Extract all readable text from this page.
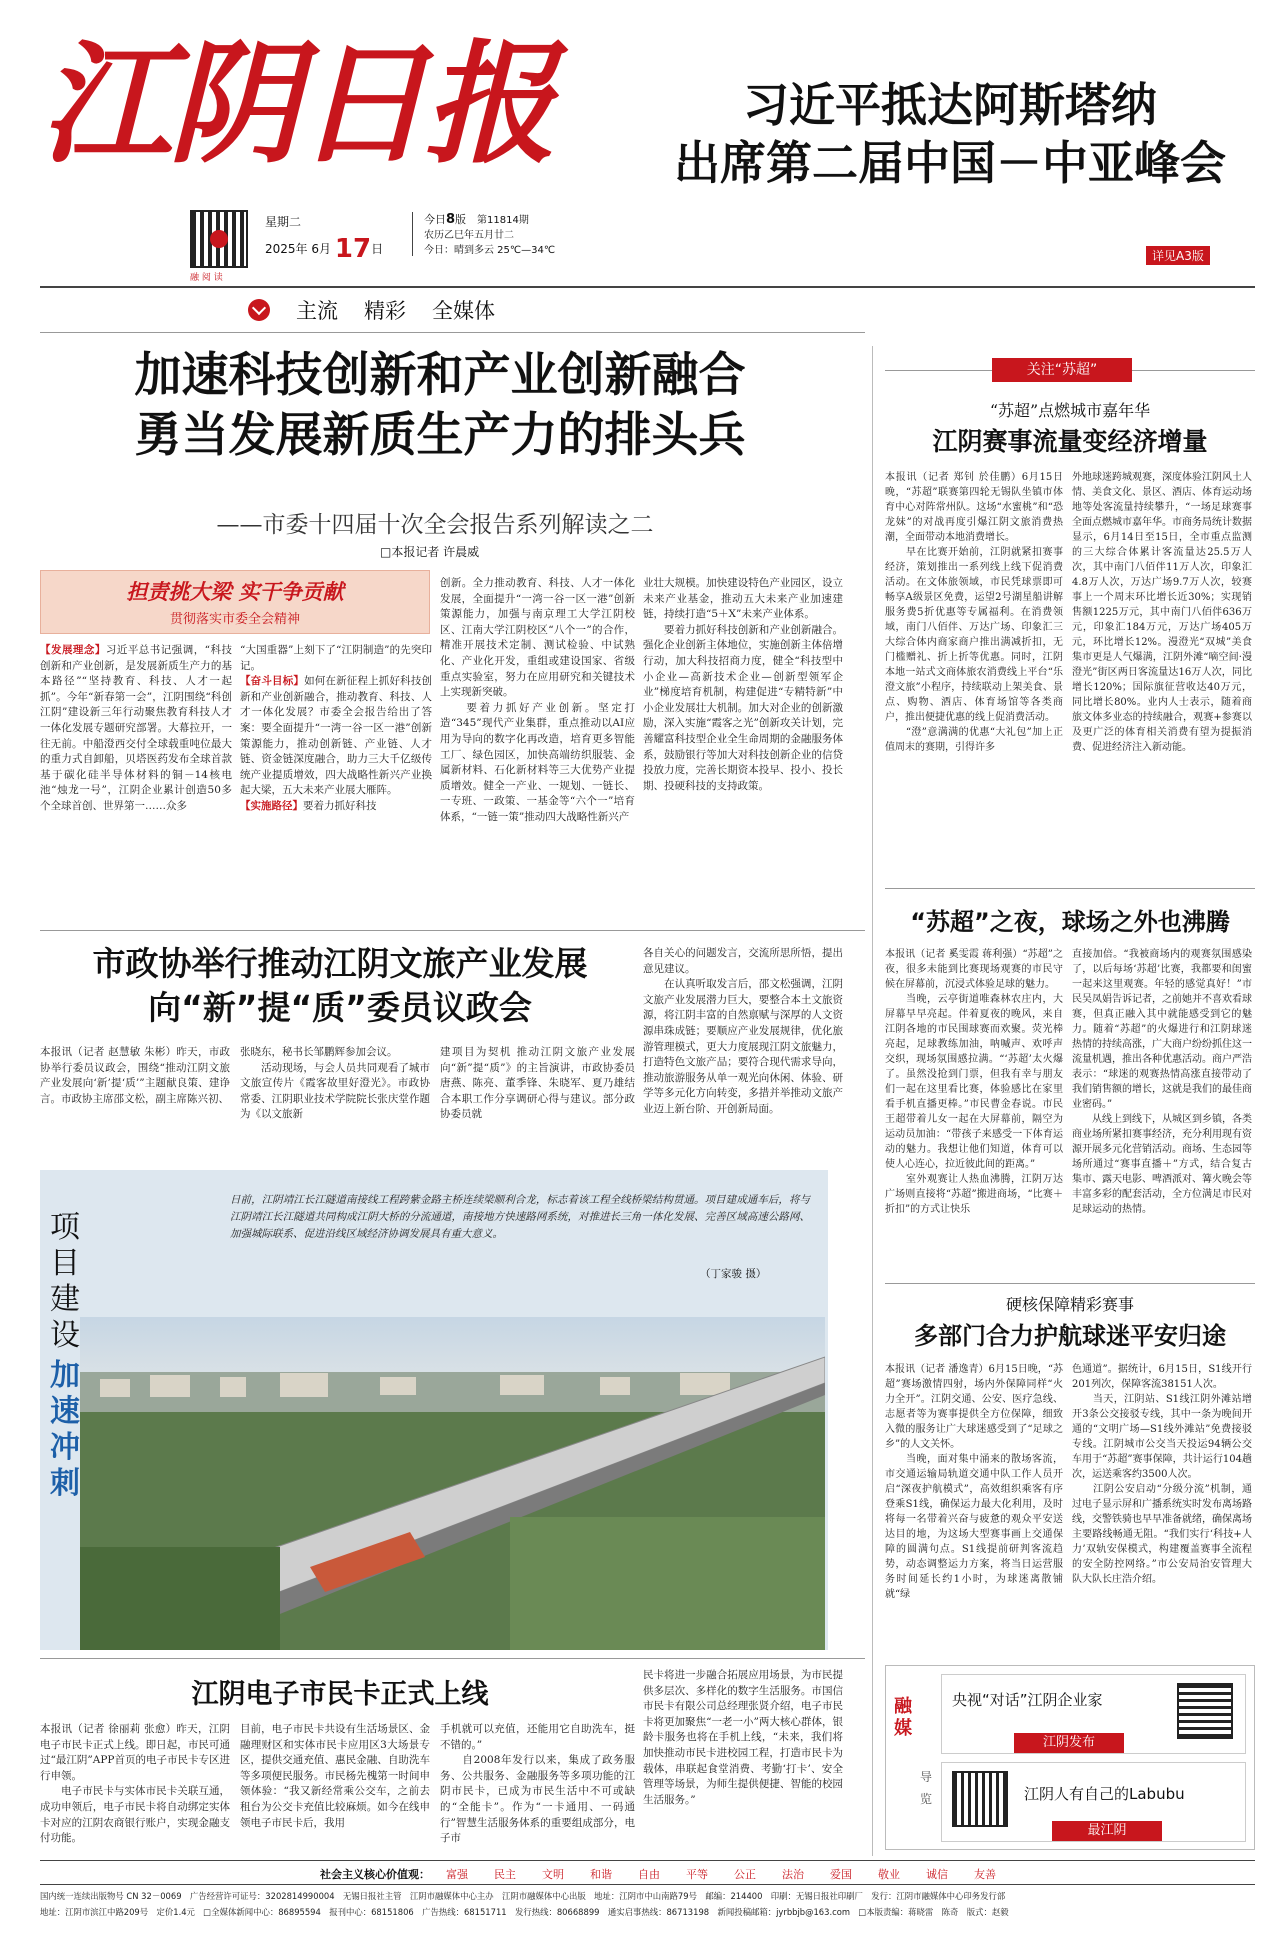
江阴日报	习近平抵达阿斯塔纳
出席第二届中国－中亚峰会
详见A3版
融 阅 读
星期二
2025年 6月 17日
今日8版　 第11814期
农历乙巳年五月廿二
今日：晴到多云 25℃—34℃
主流 精彩 全媒体
加速科技创新和产业创新融合
勇当发展新质生产力的排头兵
——市委十四届十次全会报告系列解读之二
□本报记者 许晨威
担责挑大梁 实干争贡献
贯彻落实市委全会精神
【发展理念】习近平总书记强调，“科技创新和产业创新，是发展新质生产力的基本路径”“坚持教育、科技、人才一起抓”。今年“新春第一会”，江阴围绕“科创江阴”建设新三年行动聚焦教育科技人才一体化发展专题研究部署。大幕拉开，一往无前。中船澄西交付全球载重吨位最大的重力式自卸船，贝塔医药发布全球首款基于碳化硅半导体材料的铜－14核电池“烛龙一号”，江阴企业累计创造50多个全球首创、世界第一……众多
“大国重器”上刻下了“江阴制造”的先突印记。
【奋斗目标】如何在新征程上抓好科技创新和产业创新融合，推动教育、科技、人才一体化发展？市委全会报告给出了答案：要全面提升“一湾一谷一区一港”创新策源能力，推动创新链、产业链、人才链、资金链深度融合，助力三大千亿级传统产业提质增效，四大战略性新兴产业换起大梁，五大未来产业展大雁阵。
【实施路径】要着力抓好科技
创新。全力推动教育、科技、人才一体化发展，全面提升“一湾一谷一区一港”创新策源能力，加强与南京理工大学江阴校区、江南大学江阴校区“八个一”的合作，精准开展技术定制、测试检验、中试熟化、产业化开发，重组或建设国家、省级重点实验室，努力在应用研究和关键技术上实现新突破。
　　要着力抓好产业创新。坚定打造“345”现代产业集群，重点推动以AI应用为导向的数字化再改造，培育更多智能工厂、绿色园区，加快高端纺织服装、金属新材料、石化新材料等三大优势产业提质增效。健全一产业、一规划、一链长、一专班、一政策、一基金等“六个一”培育体系，“一链一策”推动四大战略性新兴产
业壮大规模。加快建设特色产业园区，设立未来产业基金，推动五大未来产业加速建链，持续打造“5＋X”未来产业体系。
　　要着力抓好科技创新和产业创新融合。强化企业创新主体地位，实施创新主体倍增行动，加大科技招商力度，健全“科技型中小企业—高新技术企业—创新型领军企业”梯度培育机制，构建促进“专精特新”中小企业发展壮大机制。加大对企业的创新激励，深入实施“霞客之光”创新攻关计划，完善耀富科技型企业全生命周期的金融服务体系，鼓励银行等加大对科技创新企业的信贷投放力度，完善长期资本投早、投小、投长期、投硬科技的支持政策。
市政协举行推动江阴文旅产业发展
向“新”提“质”委员议政会
本报讯（记者 赵慧敏 朱彬）昨天，市政协举行委员议政会，围绕“推动江阴文旅产业发展向‘新’提‘质’”主题献良策、建诤言。市政协主席邵文松，副主席陈兴初、
张晓东，秘书长邹鹏辉参加会议。
　　活动现场，与会人员共同观看了城市文旅宣传片《霞客故里好澄光》。市政协常委、江阴职业技术学院院长张庆堂作题为《以文旅新
建项目为契机 推动江阴文旅产业发展向“新”提“质”》的主旨演讲，市政协委员唐燕、陈亮、董季锋、朱晓军、夏乃雄结合本职工作分享调研心得与建议。部分政协委员就
各自关心的问题发言，交流所思所悟，提出意见建议。
　　在认真听取发言后，邵文松强调，江阴文旅产业发展潜力巨大，要整合本土文旅资源，将江阴丰富的自然禀赋与深厚的人文资源串珠成链；要顺应产业发展规律，优化旅游管理模式，更大力度展现江阴文旅魅力，打造特色文旅产品；要符合现代需求导向，推动旅游服务从单一观光向休闲、体验、研学等多元化方向转变，多措并举推动文旅产业迈上新台阶、开创新局面。
项目建设
加速冲刺
日前，江阴靖江长江隧道南接线工程跨紫金路主桥连续梁顺利合龙，标志着该工程全线桥梁结构贯通。项目建成通车后，将与江阴靖江长江隧道共同构成江阴大桥的分流通道，南接地方快速路网系统，对推进长三角一体化发展、完善区域高速公路网、加强城际联系、促进沿线区域经济协调发展具有重大意义。
（丁家骏 摄）
江阴电子市民卡正式上线
本报讯（记者 徐丽莉 张愈）昨天，江阴电子市民卡正式上线。即日起，市民可通过“最江阴”APP首页的电子市民卡专区进行申领。
　　电子市民卡与实体市民卡关联互通，成功申领后，电子市民卡将自动绑定实体卡对应的江阴农商银行账户，实现金融支付功能。
目前，电子市民卡共设有生活场景区、金融理财区和实体市民卡应用区3大场景专区，提供交通充值、惠民金融、自助洗车等多项便民服务。市民杨先槐第一时间申领体验：“我又新经常乘公交车，之前去租台为公交卡充值比较麻烦。如今在线申领电子市民卡后，我用
手机就可以充值，还能用它自助洗车，挺不错的。”
　　自2008年发行以来，集成了政务服务、公共服务、金融服务等多项功能的江阴市民卡，已成为市民生活中不可或缺的“全能卡”。作为“一卡通用、一码通行”智慧生活服务体系的重要组成部分，电子市
民卡将进一步融合拓展应用场景，为市民提供多层次、多样化的数字生活服务。市国信市民卡有限公司总经理张贤介绍，电子市民卡将更加聚焦“一老一小”两大核心群体，银龄卡服务也将在手机上线，“未来，我们将加快推动市民卡进校园工程，打造市民卡为载体，串联起食堂消费、考勤‘打卡’、安全管理等场景，为师生提供便捷、智能的校园生活服务。”
关注“苏超”
“苏超”点燃城市嘉年华
江阴赛事流量变经济增量
本报讯（记者 郑钊 於佳鹏）6月15日晚，“苏超”联赛第四轮无锡队坐镇市体育中心对阵常州队。这场“水蜜桃”和“恐龙妹”的对战再度引爆江阴文旅消费热潮，全面带动本地消费增长。
　　早在比赛开始前，江阴就紧扣赛事经济，策划推出一系列线上线下促消费活动。在文体旅领域，市民凭球票即可畅享A级景区免费，运望2号湖星船讲解服务费5折优惠等专属福利。在消费领域，南门八佰伴、万达广场、印象汇三大综合体内商家商户推出满减折扣，无门槛赠礼、折上折等优惠。同时，江阴本地一站式文商体旅农消费线上平台“乐澄文旅”小程序，持续联动上架美食、景点、购物、酒店、体育场馆等各类商户，推出便捷优惠的线上促消费活动。
　　“澄”意满满的优惠“大礼包”加上正值周末的赛期，引得许多
外地球迷跨城观赛，深度体验江阴风土人情、美食文化、景区、酒店、体育运动场地等处客流量持续攀升，“一场足球赛事全面点燃城市嘉年华。市商务局统计数据显示，6月14日至15日，全市重点监测的三大综合体累计客流量达25.5万人次，其中南门八佰伴11万人次，印象汇4.8万人次，万达广场9.7万人次，较赛事上一个周末环比增长近30%；实现销售额1225万元，其中南门八佰伴636万元，印象汇184万元，万达广场405万元，环比增长12%。漫澄光“双城”美食集市更是人气爆满，江阴外滩“嘀空间·漫澄光”街区两日客流量达16万人次，同比增长120%；国际旗征营收达40万元，同比增长80%。业内人士表示，随着商旅文体多业态的持续融合，观赛+参赛以及更广泛的体育相关消费有望为提振消费、促进经济注入新动能。
“苏超”之夜，球场之外也沸腾
本报讯（记者 奚雯霞 蒋利强）“苏超”之夜，很多未能到比赛现场观赛的市民守候在屏幕前，沉浸式体验足球的魅力。
　　当晚，云亭街道唯森林农庄内，大屏幕早早亮起。伴着夏夜的晚风，来自江阴各地的市民围球赛而欢聚。荧光棒亮起，足球教练加油，呐喊声、欢呼声交织，现场氛围感拉满。“‘苏超’太火爆了。虽然没抢到门票，但我有幸与朋友们一起在这里看比赛，体验感比在家里看手机直播更棒。”市民曹金春说。市民王超带着儿女一起在大屏幕前，隔空为运动员加油：“带孩子来感受一下体育运动的魅力。我想让他们知道，体育可以使人心连心，拉近彼此间的距离。”
　　室外观赛让人热血沸腾，江阴万达广场则直接将“苏超”搬进商场，“比赛＋折扣”的方式让快乐
直接加倍。“我被商场内的观赛氛围感染了，以后每场‘苏超’比赛，我都要和闺蜜一起来这里观赛。年轻的感觉真好！”市民吴凤娟告诉记者，之前她并不喜欢看球赛，但真正融入其中就能感受到它的魅力。随着“苏超”的火爆进行和江阴球迷热情的持续高涨，广大商户纷纷抓住这一流量机遇，推出各种优惠活动。商户严浩表示：“球迷的观赛热情高涨直接带动了我们销售额的增长，这就是我们的最佳商业密码。”
　　从线上到线下，从城区到乡镇，各类商业场所紧扣赛事经济，充分利用现有资源开展多元化营销活动。商场、生态园等场所通过“赛事直播＋”方式，结合复古集市、露天电影、啤酒派对、篝火晚会等丰富多彩的配套活动，全方位满足市民对足球运动的热情。
硬核保障精彩赛事
多部门合力护航球迷平安归途
本报讯（记者 潘逸青）6月15日晚，“苏超”赛场激情四射，场内外保障同样“火力全开”。江阴交通、公安、医疗急线、志愿者等为赛事提供全方位保障，细致入微的服务让广大球迷感受到了“足球之乡”的人文关怀。
　　当晚，面对集中涌来的散场客流，市交通运输局轨道交通中队工作人员开启“深夜护航模式”，高效组织乘客有序登乘S1线，确保运力最大化利用，及时将每一名带着兴奋与疲惫的观众平安送达目的地，为这场大型赛事画上交通保障的圆满句点。S1线提前研判客流趋势，动态调整运力方案，将当日运营服务时间延长约1小时，为球迷离散铺就“绿
色通道”。据统计，6月15日，S1线开行201列次，保障客流38151人次。
　　当天，江阴站、S1线江阴外滩站增开3条公交接驳专线，其中一条为晚间开通的“文明广场—S1线外滩站”免费接驳专线。江阴城市公交当天投运94辆公交车用于“苏超”赛事保障，共计运行104趟次，运送乘客约3500人次。
　　江阴公安启动“分级分流”机制，通过电子显示屏和广播系统实时发布离场路线，交警铁骑也早早准备就绪，确保离场主要路线畅通无阻。“我们实行‘科技+人力’双轨安保模式，构建覆盖赛事全流程的安全防控网络。”市公安局治安管理大队大队长庄浩介绍。
融媒
导览
央视“对话”江阴企业家
江阴发布
江阴人有自己的Labubu
最江阴
社会主义核心价值观： 富强 民主 文明 和谐 自由 平等 公正 法治 爱国 敬业 诚信 友善
国内统一连续出版物号 CN 32－0069　广告经营许可证号：3202814990004　无锡日报社主管　江阴市融媒体中心主办　江阴市融媒体中心出版　地址：江阴市中山南路79号　邮编：214400　印刷：无锡日报社印刷厂　发行：江阴市融媒体中心印务发行部
地址：江阴市滨江中路209号　定价1.4元　□全媒体新闻中心：86895594　报刊中心：68151806　广告热线：68151711　发行热线：80668899　通实启事热线：86713198　新闻投稿邮箱：jyrbbjb@163.com　□本版责编：蒋晓雷　陈奇　版式：赵毅
